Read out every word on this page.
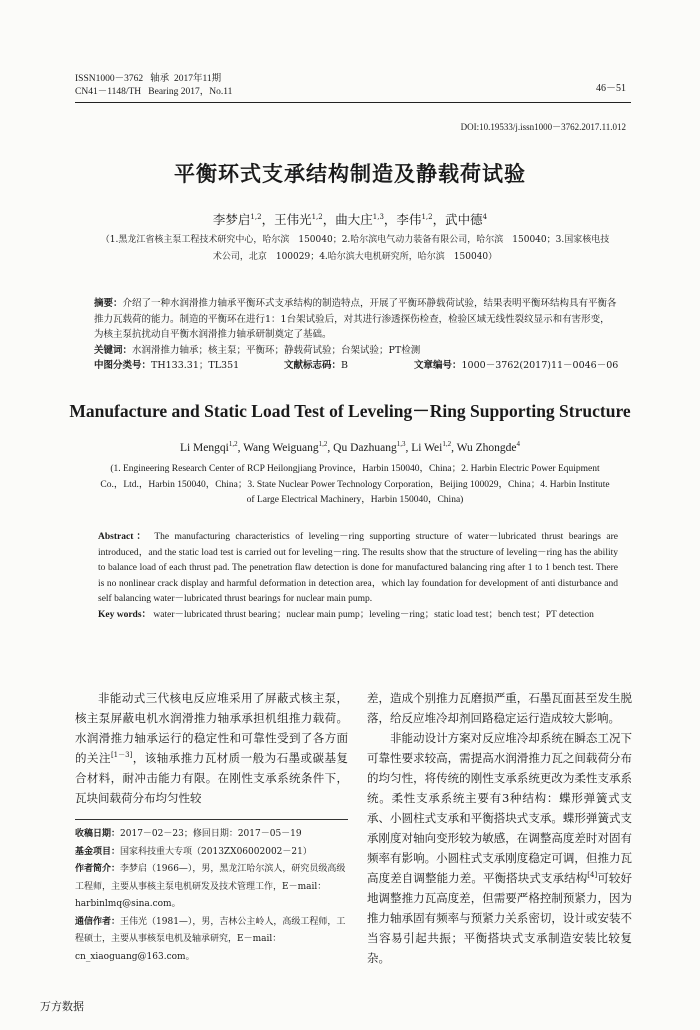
ISSN1000－3762 轴承 2017年11期
CN41－1148/TH Bearing 2017，No.11	46－51
DOI:10.19533/j.issn1000－3762.2017.11.012
平衡环式支承结构制造及静载荷试验
李梦启$^{1,2}$，王伟光$^{1,2}$，曲大庄$^{1,3}$，李伟$^{1,2}$，武中德$^4$
（1.黑龙江省核主泵工程技术研究中心，哈尔滨　150040；2.哈尔滨电气动力装备有限公司，哈尔滨　150040；3.国家核电技术公司，北京　100029；4.哈尔滨大电机研究所，哈尔滨　150040）
摘要：介绍了一种水润滑推力轴承平衡环式支承结构的制造特点，开展了平衡环静载荷试验，结果表明平衡环结构具有平衡各推力瓦载荷的能力。制造的平衡环在进行1：1台架试验后，对其进行渗透探伤检查，检验区域无线性裂纹显示和有害形变，为核主泵抗扰动自平衡水润滑推力轴承研制奠定了基础。
关键词：水润滑推力轴承；核主泵；平衡环；静载荷试验；台架试验；PT检测
中图分类号：TH133.31；TL351	文献标志码：B	文章编号：1000－3762(2017)11－0046－06
Manufacture and Static Load Test of Leveling－Ring Supporting Structure
Li Mengqi$^{1,2}$, Wang Weiguang$^{1,2}$, Qu Dazhuang$^{1,3}$, Li Wei$^{1,2}$, Wu Zhongde$^4$
(1. Engineering Research Center of RCP Heilongjiang Province，Harbin 150040，China；2. Harbin Electric Power Equipment Co.，Ltd.，Harbin 150040，China；3. State Nuclear Power Technology Corporation，Beijing 100029，China；4. Harbin Institute of Large Electrical Machinery，Harbin 150040，China)
Abstract： The manufacturing characteristics of leveling－ring supporting structure of water－lubricated thrust bearings are introduced，and the static load test is carried out for leveling－ring. The results show that the structure of leveling－ring has the ability to balance load of each thrust pad. The penetration flaw detection is done for manufactured balancing ring after 1 to 1 bench test. There is no nonlinear crack display and harmful deformation in detection area，which lay foundation for development of anti disturbance and self balancing water－lubricated thrust bearings for nuclear main pump.
Key words： water－lubricated thrust bearing；nuclear main pump；leveling－ring；static load test；bench test；PT detection

非能动式三代核电反应堆采用了屏蔽式核主泵，核主泵屏蔽电机水润滑推力轴承承担机组推力载荷。水润滑推力轴承运行的稳定性和可靠性受到了各方面的关注[1－3]，该轴承推力瓦材质一般为石墨或碳基复合材料，耐冲击能力有限。在刚性支承系统条件下，瓦块间载荷分布均匀性较

收稿日期：2017－02－23；修回日期：2017－05－19

基金项目：国家科技重大专项（2013ZX06002002－21）

作者简介：李梦启（1966—），男，黑龙江哈尔滨人，研究员级高级工程师，主要从事核主泵电机研发及技术管理工作，E－mail：harbinlmq@sina.com。

通信作者：王伟光（1981—），男，吉林公主岭人，高级工程师，工程硕士，主要从事核泵电机及轴承研究，E－mail：cn_xiaoguang@163.com。

差，造成个别推力瓦磨损严重，石墨瓦面甚至发生脱落，给反应堆冷却剂回路稳定运行造成较大影响。

非能动设计方案对反应堆冷却系统在瞬态工况下可靠性要求较高，需提高水润滑推力瓦之间载荷分布的均匀性，将传统的刚性支承系统更改为柔性支承系统。柔性支承系统主要有3种结构：蝶形弹簧式支承、小圆柱式支承和平衡搭块式支承。蝶形弹簧式支承刚度对轴向变形较为敏感，在调整高度差时对固有频率有影响。小圆柱式支承刚度稳定可调，但推力瓦高度差自调整能力差。平衡搭块式支承结构[4]可较好地调整推力瓦高度差，但需要严格控制预紧力，因为推力轴承固有频率与预紧力关系密切，设计或安装不当容易引起共振；平衡搭块式支承制造安装比较复杂。

万方数据
